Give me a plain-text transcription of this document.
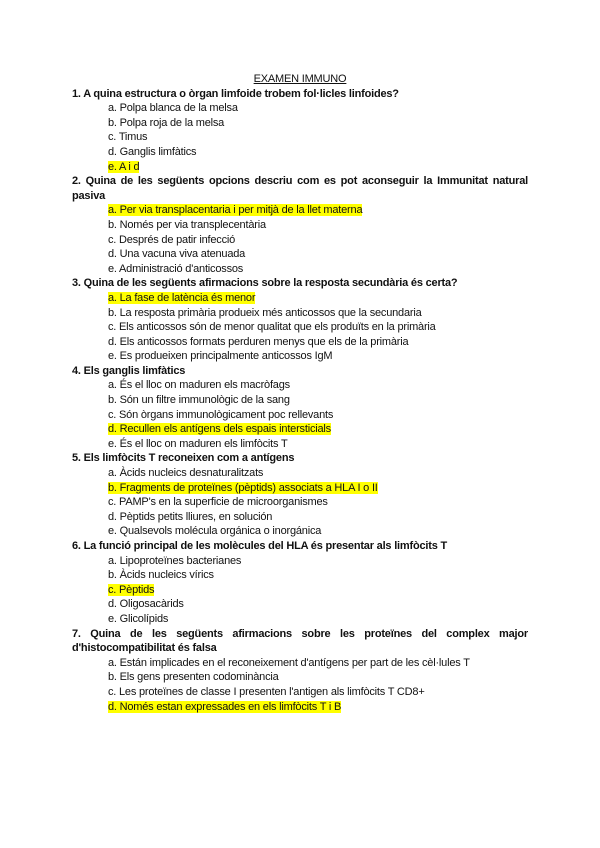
EXAMEN IMMUNO
1. A quina estructura o òrgan limfoide trobem fol·licles linfoides?
a. Polpa blanca de la melsa
b. Polpa roja de la melsa
c. Timus
d. Ganglis limfàtics
e. A i d
2. Quina de les següents opcions descriu com es pot aconseguir la Immunitat natural pasiva
a. Per via transplacentaria i per mitjà de la llet materna
b. Només per via transplecentària
c. Després de patir infecció
d. Una vacuna viva atenuada
e. Administració d'anticossos
3. Quina de les següents afirmacions sobre la resposta secundària és certa?
a. La fase de latència és menor
b. La resposta primària produeix més anticossos que la secundaria
c. Els anticossos són de menor qualitat que els produïts en la primària
d. Els anticossos formats perduren menys que els de la primària
e. Es produeixen principalmente anticossos IgM
4. Els ganglis limfàtics
a. És el lloc on maduren els macròfags
b. Són un filtre immunològic de la sang
c. Són òrgans immunològicament poc rellevants
d. Recullen els antígens dels espais intersticials
e. És el lloc on maduren els limfòcits T
5. Els limfòcits T reconeixen com a antígens
a. Àcids nucleics desnaturalitzats
b. Fragments de proteïnes (pèptids) associats a HLA I o II
c. PAMP's en la superficie de microorganismes
d. Pèptids petits lliures, en solución
e. Qualsevols molécula orgánica o inorgánica
6. La funció principal de les molècules del HLA és presentar als limfòcits T
a. Lipoproteïnes bacterianes
b. Àcids nucleics vírics
c. Pèptids
d. Oligosacàrids
e. Glicolípids
7. Quina de les següents afirmacions sobre les proteïnes del complex major d'histocompatibilitat és falsa
a. Están implicades en el reconeixement d'antígens per part de les cèl·lules T
b. Els gens presenten codominància
c. Les proteïnes de classe I presenten l'antigen als limfòcits T CD8+
d. Només estan expressades en els limfòcits T i B
